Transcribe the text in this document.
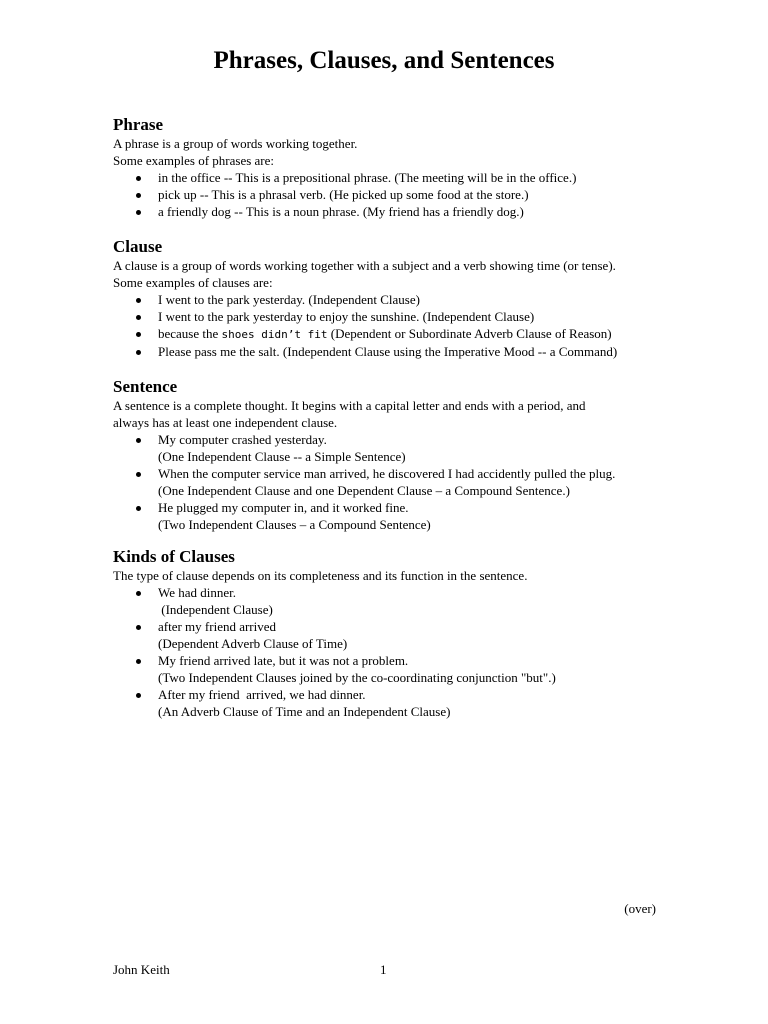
Phrases, Clauses, and Sentences
Phrase

A phrase is a group of words working together.

Some examples of phrases are:

in the office -- This is a prepositional phrase. (The meeting will be in the office.)
pick up -- This is a phrasal verb. (He picked up some food at the store.)
a friendly dog -- This is a noun phrase. (My friend has a friendly dog.)
Clause

A clause is a group of words working together with a subject and a verb showing time (or tense).

Some examples of clauses are:

I went to the park yesterday. (Independent Clause)
I went to the park yesterday to enjoy the sunshine. (Independent Clause)
because the shoes didn’t fit (Dependent or Subordinate Adverb Clause of Reason)
Please pass me the salt. (Independent Clause using the Imperative Mood -- a Command)
Sentence

A sentence is a complete thought. It begins with a capital letter and ends with a period, and

always has at least one independent clause.

My computer crashed yesterday.
(One Independent Clause -- a Simple Sentence)
When the computer service man arrived, he discovered I had accidently pulled the plug.
(One Independent Clause and one Dependent Clause – a Compound Sentence.)
He plugged my computer in, and it worked fine.
(Two Independent Clauses – a Compound Sentence)
Kinds of Clauses

The type of clause depends on its completeness and its function in the sentence.

We had dinner.
(Independent Clause)
after my friend arrived
(Dependent Adverb Clause of Time)
My friend arrived late, but it was not a problem.
(Two Independent Clauses joined by the co-coordinating conjunction "but".)
After my friend  arrived, we had dinner.
(An Adverb Clause of Time and an Independent Clause)
(over)
John Keith	1
